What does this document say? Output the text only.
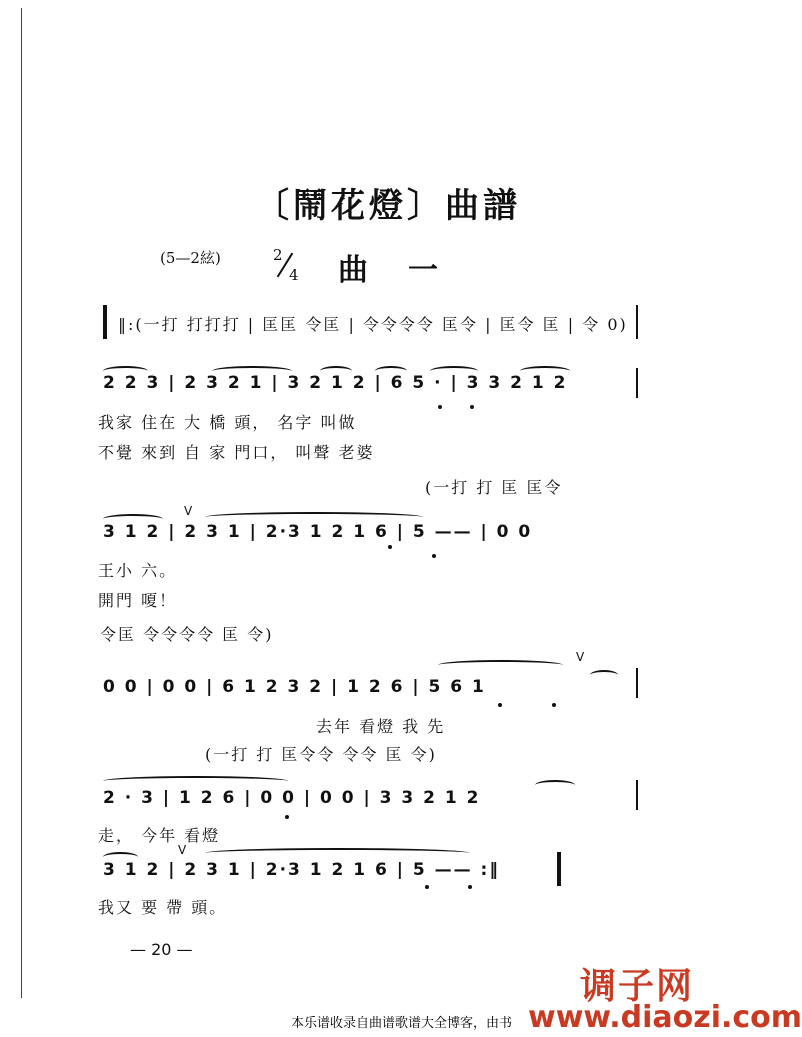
〔鬧花燈〕曲譜
(5—2絃)	2
4 曲一
‖:(一打 打打打 | 匡匡 令匡 | 令令令令 匡令 | 匡令 匡 | 令 0)
2 2 3 | 2 3 2 1 | 3 2 1 2 | 6 5 · | 3 3 2 1 2
我家 住在 大 橋 頭， 名字 叫做
不覺 來到 自 家 門口， 叫聲 老婆
(一打 打 匡 匡令
V
3 1 2 | 2 3 1 | 2·3 1 2 1 6 | 5 —— | 0 0
王小 六。
開門 嗄！
令匡 令令令令 匡 令)
V
0 0 | 0 0 | 6 1 2 3 2 | 1 2 6 | 5 6 1
去年 看燈 我 先
(一打 打 匡令令 令令 匡 令)
2 · 3 | 1 2 6 | 0 0 | 0 0 | 3 3 2 1 2
走， 今年 看燈
V
3 1 2 | 2 3 1 | 2·3 1 2 1 6 | 5 —— :‖
我又 要 帶 頭。
— 20 —
调子网
www.diaozi.com
本乐谱收录自曲谱歌谱大全博客，由书
